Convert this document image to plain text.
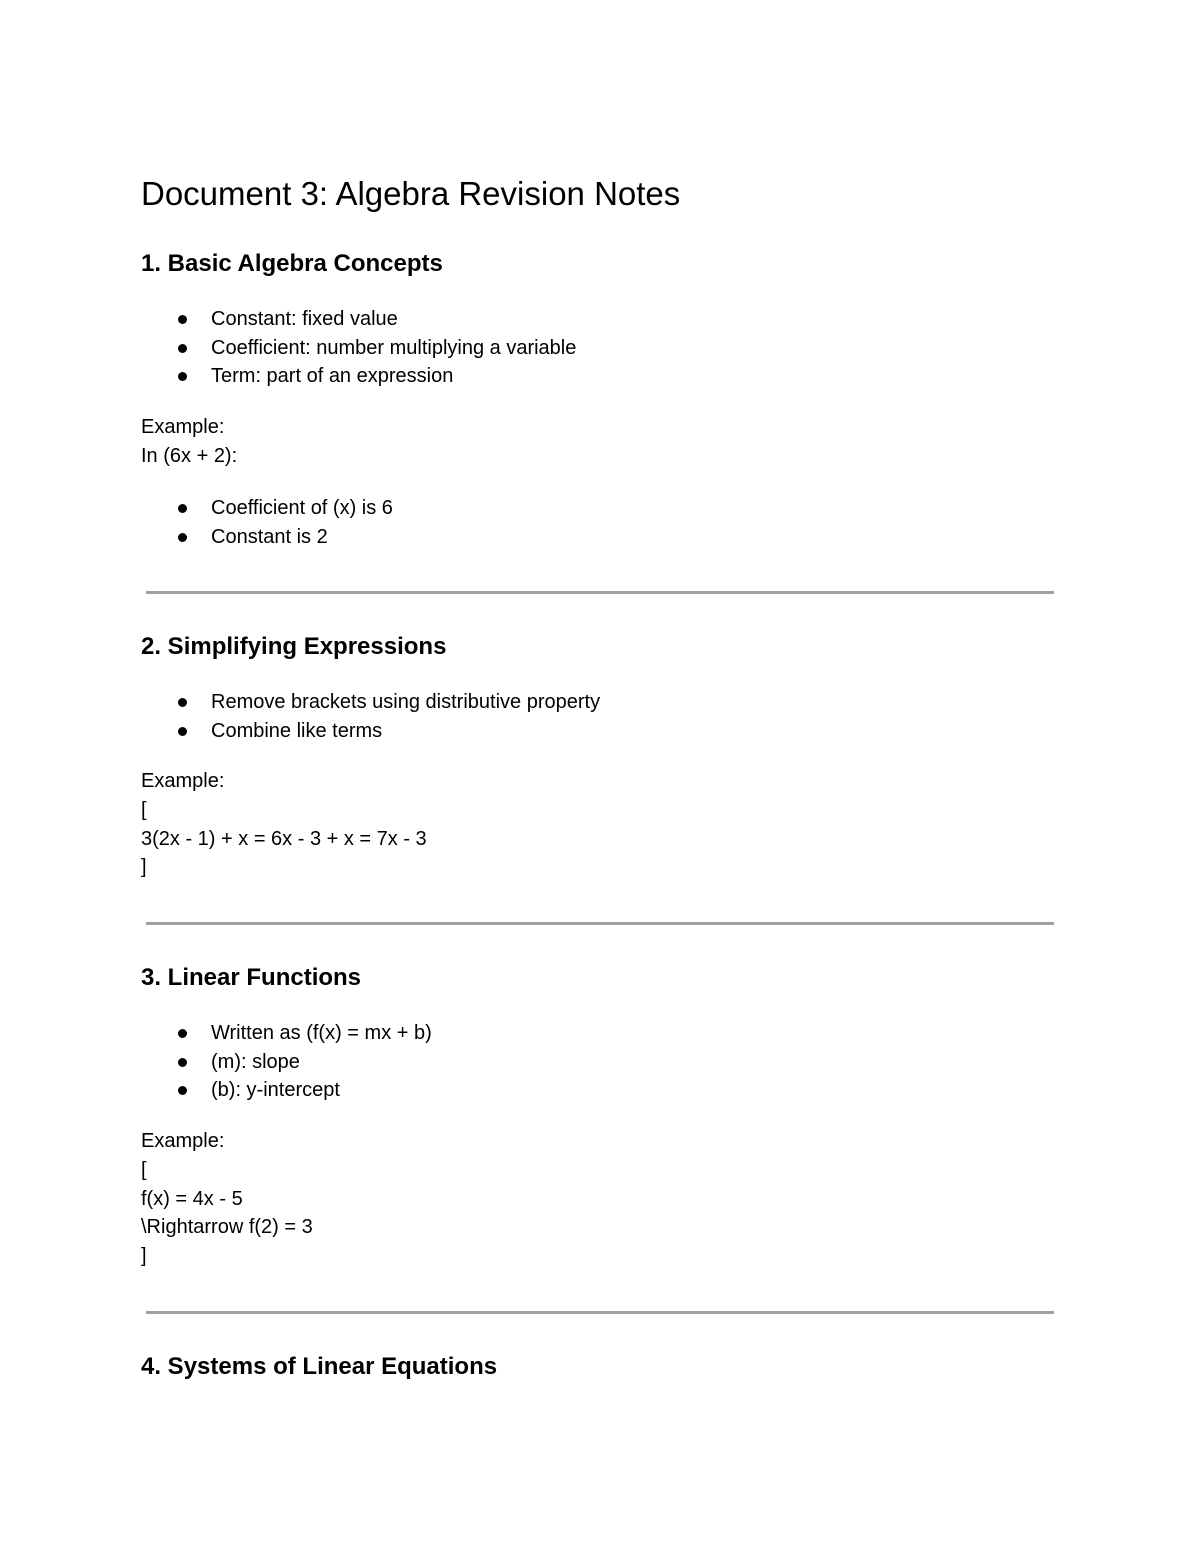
Document 3: Algebra Revision Notes
1. Basic Algebra Concepts
Constant: fixed value
Coefficient: number multiplying a variable
Term: part of an expression
Example:
In (6x + 2):
Coefficient of (x) is 6
Constant is 2
2. Simplifying Expressions
Remove brackets using distributive property
Combine like terms
Example:
[
3(2x - 1) + x = 6x - 3 + x = 7x - 3
]
3. Linear Functions
Written as (f(x) = mx + b)
(m): slope
(b): y-intercept
Example:
[
f(x) = 4x - 5
\Rightarrow f(2) = 3
]
4. Systems of Linear Equations
